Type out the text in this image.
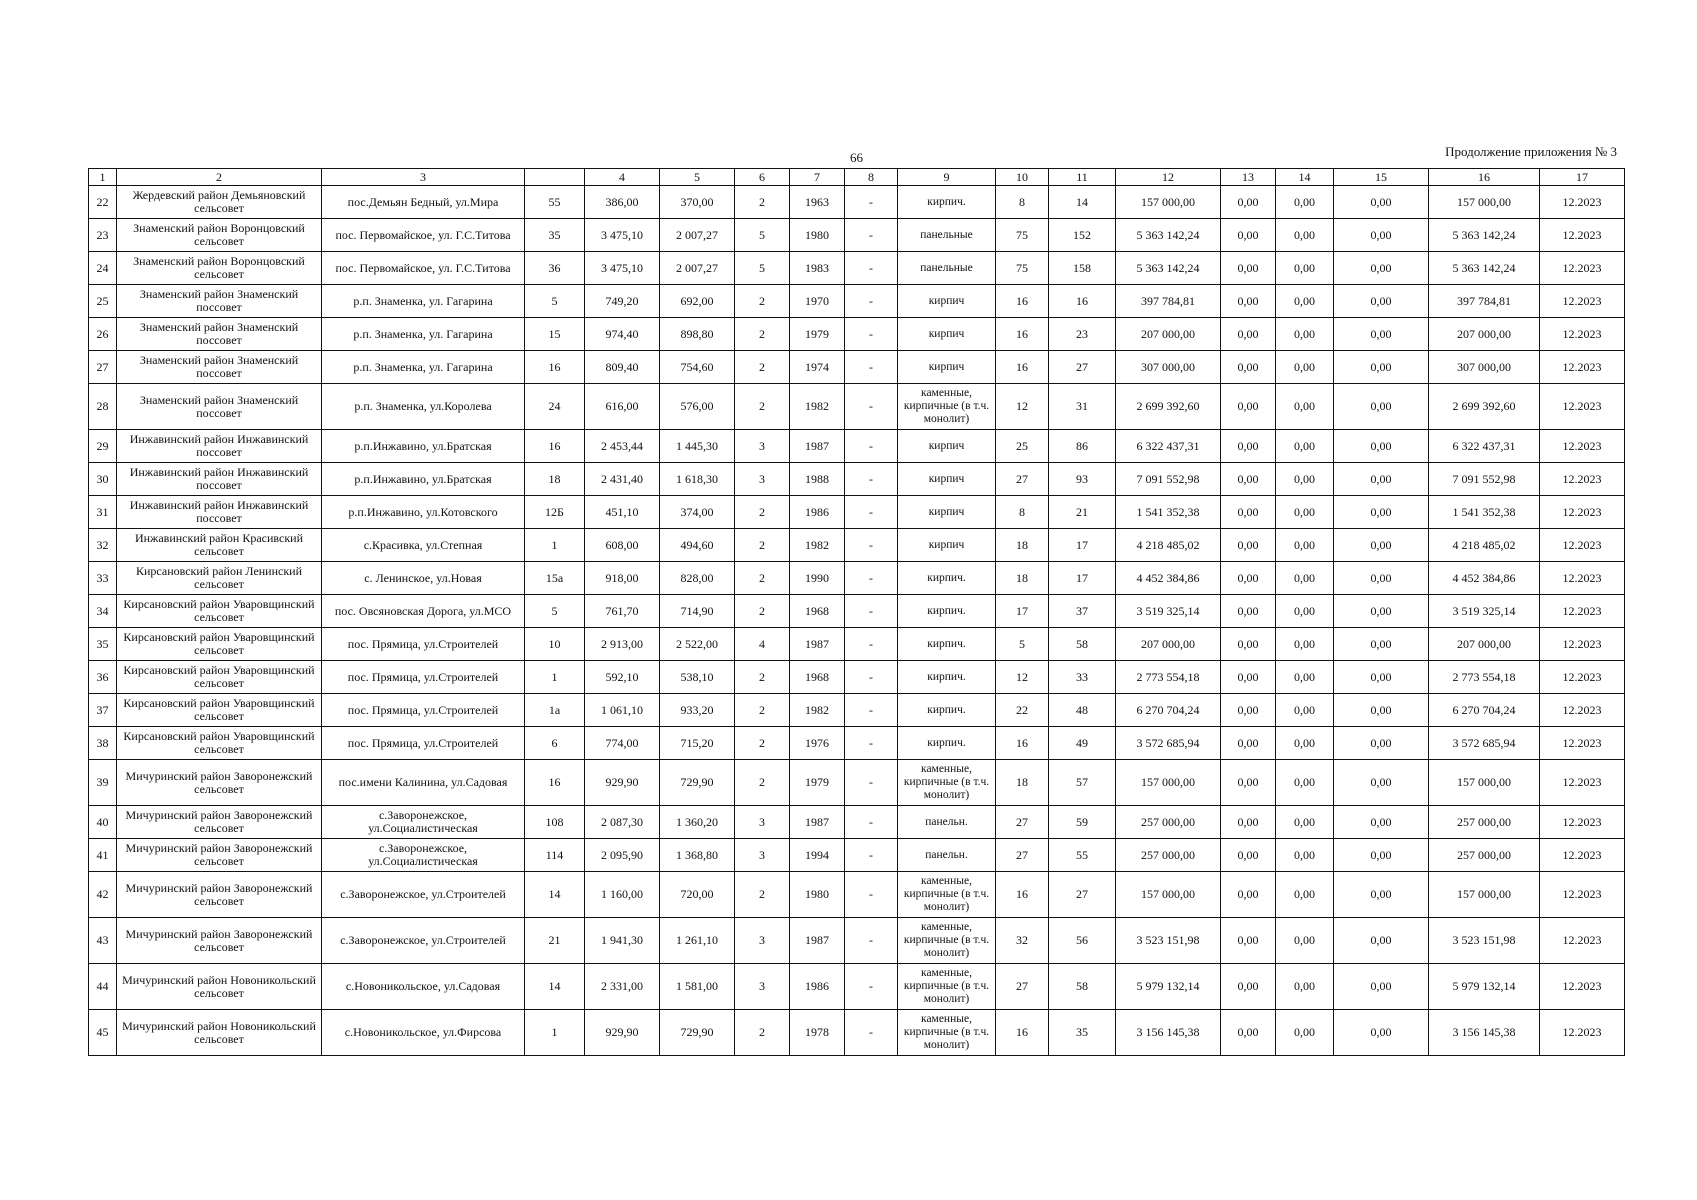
66	Продолжение приложения № 3
1	2	3		4	5	6	7	8	9	10	11	12	13	14	15	16	17
22	Жердевский район Демьяновский сельсовет	пос.Демьян Бедный, ул.Мира	55	386,00	370,00	2	1963	-	кирпич.	8	14	157 000,00	0,00	0,00	0,00	157 000,00	12.2023
23	Знаменский район Воронцовский сельсовет	пос. Первомайское, ул. Г.С.Титова	35	3 475,10	2 007,27	5	1980	-	панельные	75	152	5 363 142,24	0,00	0,00	0,00	5 363 142,24	12.2023
24	Знаменский район Воронцовский сельсовет	пос. Первомайское, ул. Г.С.Титова	36	3 475,10	2 007,27	5	1983	-	панельные	75	158	5 363 142,24	0,00	0,00	0,00	5 363 142,24	12.2023
25	Знаменский район Знаменский поссовет	р.п. Знаменка, ул. Гагарина	5	749,20	692,00	2	1970	-	кирпич	16	16	397 784,81	0,00	0,00	0,00	397 784,81	12.2023
26	Знаменский район Знаменский поссовет	р.п. Знаменка, ул. Гагарина	15	974,40	898,80	2	1979	-	кирпич	16	23	207 000,00	0,00	0,00	0,00	207 000,00	12.2023
27	Знаменский район Знаменский поссовет	р.п. Знаменка, ул. Гагарина	16	809,40	754,60	2	1974	-	кирпич	16	27	307 000,00	0,00	0,00	0,00	307 000,00	12.2023
28	Знаменский район Знаменский поссовет	р.п. Знаменка, ул.Королева	24	616,00	576,00	2	1982	-	каменные, кирпичные (в т.ч. монолит)	12	31	2 699 392,60	0,00	0,00	0,00	2 699 392,60	12.2023
29	Инжавинский район Инжавинский поссовет	р.п.Инжавино, ул.Братская	16	2 453,44	1 445,30	3	1987	-	кирпич	25	86	6 322 437,31	0,00	0,00	0,00	6 322 437,31	12.2023
30	Инжавинский район Инжавинский поссовет	р.п.Инжавино, ул.Братская	18	2 431,40	1 618,30	3	1988	-	кирпич	27	93	7 091 552,98	0,00	0,00	0,00	7 091 552,98	12.2023
31	Инжавинский район Инжавинский поссовет	р.п.Инжавино, ул.Котовского	12Б	451,10	374,00	2	1986	-	кирпич	8	21	1 541 352,38	0,00	0,00	0,00	1 541 352,38	12.2023
32	Инжавинский район Красивский сельсовет	с.Красивка, ул.Степная	1	608,00	494,60	2	1982	-	кирпич	18	17	4 218 485,02	0,00	0,00	0,00	4 218 485,02	12.2023
33	Кирсановский район Ленинский сельсовет	с. Ленинское, ул.Новая	15а	918,00	828,00	2	1990	-	кирпич.	18	17	4 452 384,86	0,00	0,00	0,00	4 452 384,86	12.2023
34	Кирсановский район Уваровщинский сельсовет	пос. Овсяновская Дорога, ул.МСО	5	761,70	714,90	2	1968	-	кирпич.	17	37	3 519 325,14	0,00	0,00	0,00	3 519 325,14	12.2023
35	Кирсановский район Уваровщинский сельсовет	пос. Прямица, ул.Строителей	10	2 913,00	2 522,00	4	1987	-	кирпич.	5	58	207 000,00	0,00	0,00	0,00	207 000,00	12.2023
36	Кирсановский район Уваровщинский сельсовет	пос. Прямица, ул.Строителей	1	592,10	538,10	2	1968	-	кирпич.	12	33	2 773 554,18	0,00	0,00	0,00	2 773 554,18	12.2023
37	Кирсановский район Уваровщинский сельсовет	пос. Прямица, ул.Строителей	1а	1 061,10	933,20	2	1982	-	кирпич.	22	48	6 270 704,24	0,00	0,00	0,00	6 270 704,24	12.2023
38	Кирсановский район Уваровщинский сельсовет	пос. Прямица, ул.Строителей	6	774,00	715,20	2	1976	-	кирпич.	16	49	3 572 685,94	0,00	0,00	0,00	3 572 685,94	12.2023
39	Мичуринский район Заворонежский сельсовет	пос.имени Калинина, ул.Садовая	16	929,90	729,90	2	1979	-	каменные, кирпичные (в т.ч. монолит)	18	57	157 000,00	0,00	0,00	0,00	157 000,00	12.2023
40	Мичуринский район Заворонежский сельсовет	с.Заворонежское, ул.Социалистическая	108	2 087,30	1 360,20	3	1987	-	панельн.	27	59	257 000,00	0,00	0,00	0,00	257 000,00	12.2023
41	Мичуринский район Заворонежский сельсовет	с.Заворонежское, ул.Социалистическая	114	2 095,90	1 368,80	3	1994	-	панельн.	27	55	257 000,00	0,00	0,00	0,00	257 000,00	12.2023
42	Мичуринский район Заворонежский сельсовет	с.Заворонежское, ул.Строителей	14	1 160,00	720,00	2	1980	-	каменные, кирпичные (в т.ч. монолит)	16	27	157 000,00	0,00	0,00	0,00	157 000,00	12.2023
43	Мичуринский район Заворонежский сельсовет	с.Заворонежское, ул.Строителей	21	1 941,30	1 261,10	3	1987	-	каменные, кирпичные (в т.ч. монолит)	32	56	3 523 151,98	0,00	0,00	0,00	3 523 151,98	12.2023
44	Мичуринский район Новоникольский сельсовет	с.Новоникольское, ул.Садовая	14	2 331,00	1 581,00	3	1986	-	каменные, кирпичные (в т.ч. монолит)	27	58	5 979 132,14	0,00	0,00	0,00	5 979 132,14	12.2023
45	Мичуринский район Новоникольский сельсовет	с.Новоникольское, ул.Фирсова	1	929,90	729,90	2	1978	-	каменные, кирпичные (в т.ч. монолит)	16	35	3 156 145,38	0,00	0,00	0,00	3 156 145,38	12.2023
